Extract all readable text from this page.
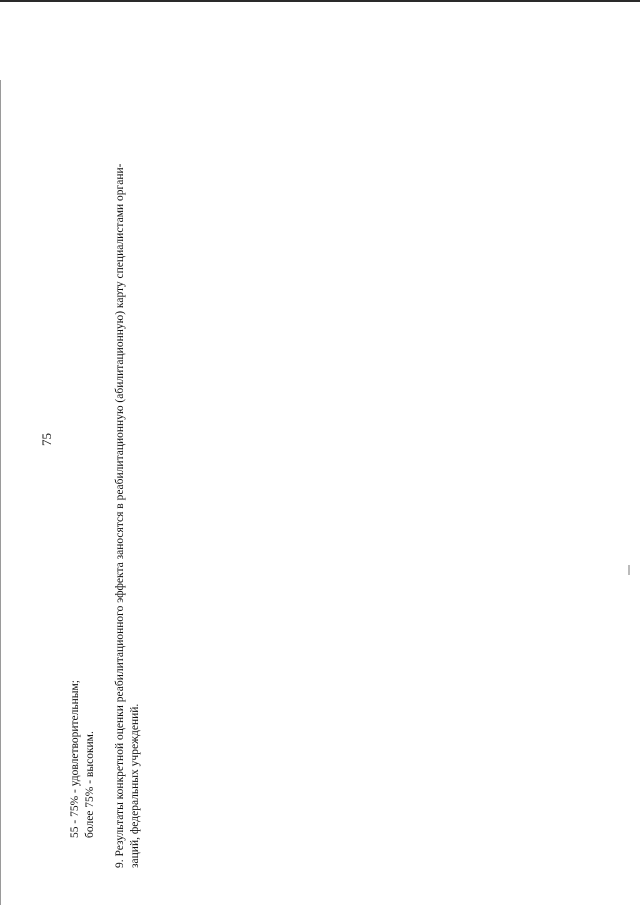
75
55 - 75% - удовлетворительным; более 75% - высоким. 9. Результаты конкретной оценки реабилитационного эффекта заносятся в реабилитационную (абилитационную) карту специалистами органи- заций, федеральных учреждений.
